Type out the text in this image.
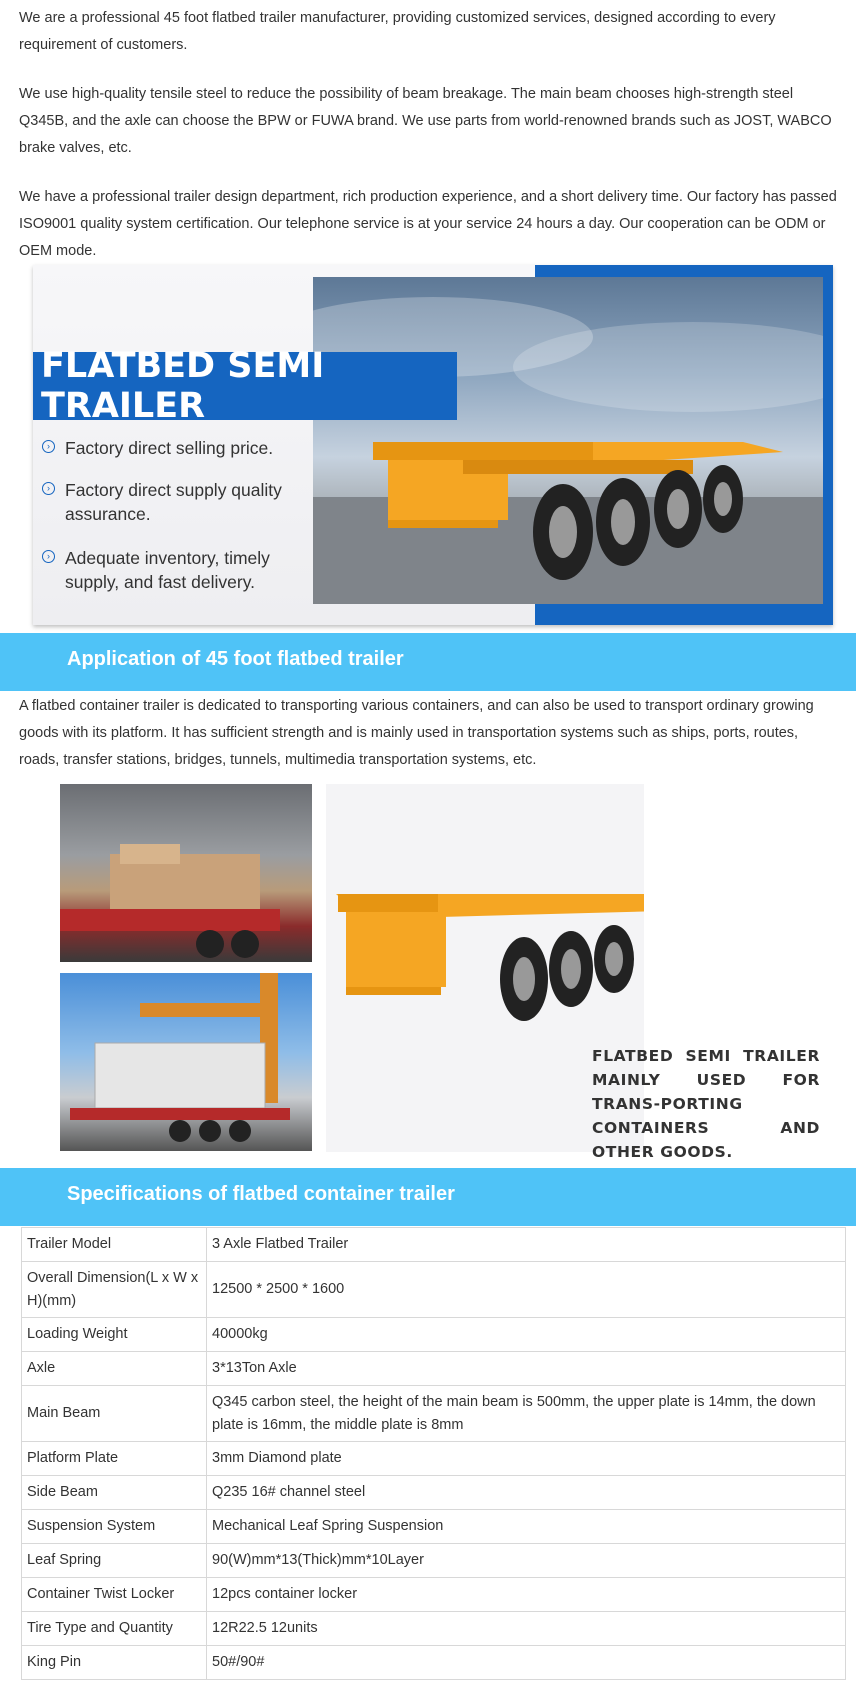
We are a professional 45 foot flatbed trailer manufacturer, providing customized services, designed according to every requirement of customers.

We use high-quality tensile steel to reduce the possibility of beam breakage. The main beam chooses high-strength steel Q345B, and the axle can choose the BPW or FUWA brand. We use parts from world-renowned brands such as JOST, WABCO brake valves, etc.

We have a professional trailer design department, rich production experience, and a short delivery time. Our factory has passed ISO9001 quality system certification. Our telephone service is at your service 24 hours a day. Our cooperation can be ODM or OEM mode.

FLATBED SEMI TRAILER
› Factory direct selling price.
› Factory direct supply quality assurance.
› Adequate inventory, timely supply, and fast delivery.
Application of 45 foot flatbed trailer

A flatbed container trailer is dedicated to transporting various containers, and can also be used to transport ordinary growing goods with its platform. It has sufficient strength and is mainly used in transportation systems such as ships, ports, routes, roads, transfer stations, bridges, tunnels, multimedia transportation systems, etc.

FLATBED SEMI TRAILER MAINLY USED FOR TRANS-PORTING CONTAINERS AND OTHER GOODS.
Specifications of flatbed container trailer
Trailer Model	3 Axle Flatbed Trailer
Overall Dimension(L x W x H)(mm)	12500 * 2500 * 1600
Loading Weight	40000kg
Axle	3*13Ton Axle
Main Beam	Q345 carbon steel, the height of the main beam is 500mm, the upper plate is 14mm, the down plate is 16mm, the middle plate is 8mm
Platform Plate	3mm Diamond plate
Side Beam	Q235 16# channel steel
Suspension System	Mechanical Leaf Spring Suspension
Leaf Spring	90(W)mm*13(Thick)mm*10Layer
Container Twist Locker	12pcs container locker
Tire Type and Quantity	12R22.5 12units
King Pin	50#/90#
